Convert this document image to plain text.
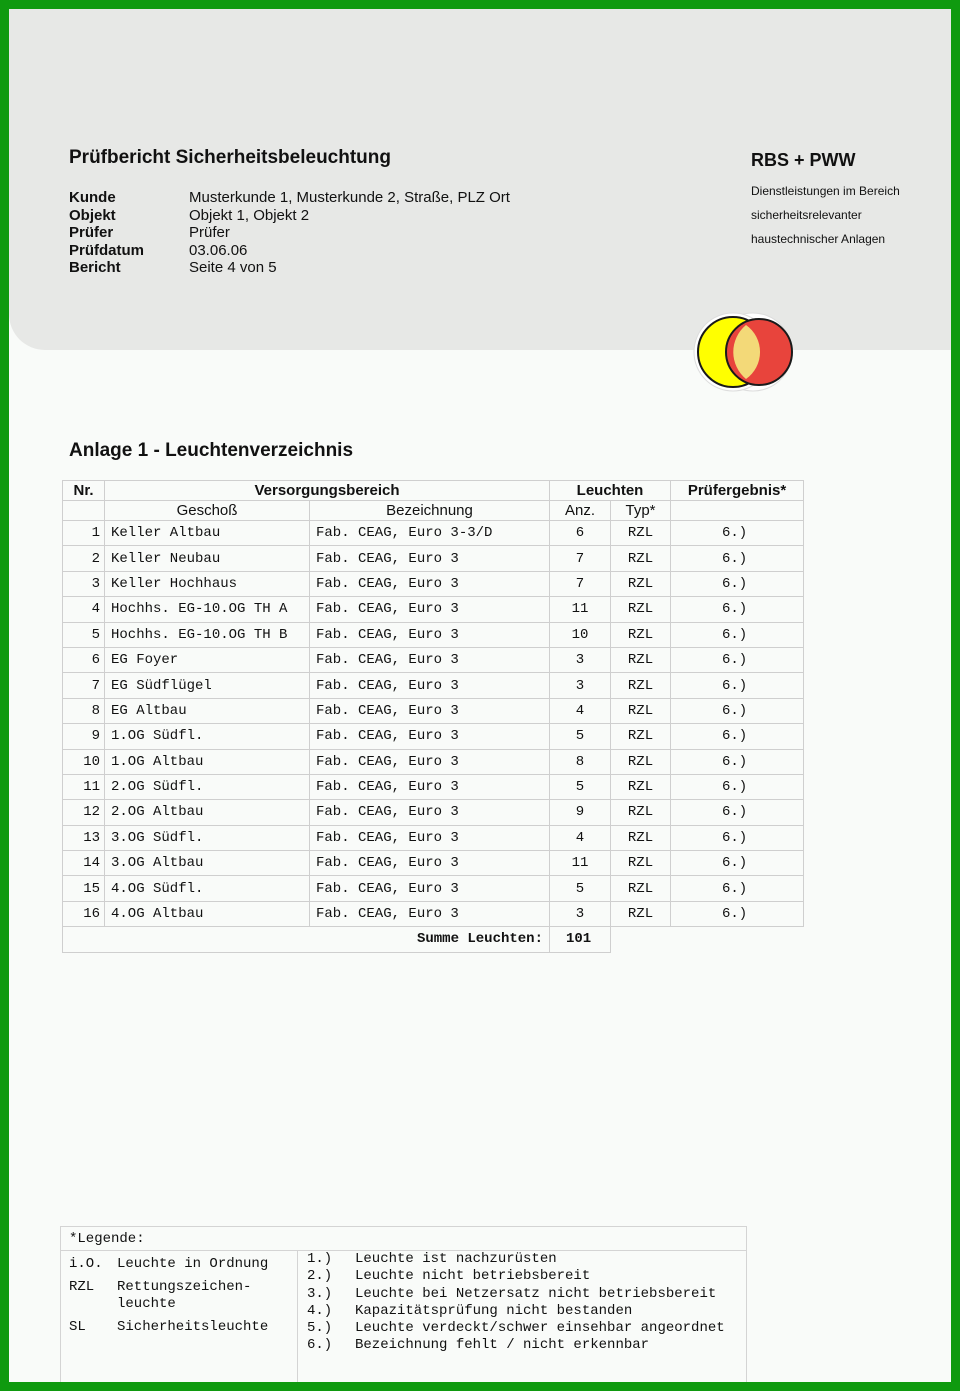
Prüfbericht Sicherheitsbeleuchtung
Kunde	Musterkunde 1, Musterkunde 2, Straße, PLZ Ort
Objekt	Objekt 1, Objekt 2
Prüfer	Prüfer
Prüfdatum	03.06.06
Bericht	Seite 4 von 5
RBS + PWW
Dienstleistungen im Bereich
sicherheitsrelevanter
haustechnischer Anlagen
Anlage 1 - Leuchtenverzeichnis
Nr.	Versorgungsbereich		Leuchten		Prüfergebnis*
	Geschoß	Bezeichnung	Anz.	Typ*	
1	Keller Altbau	Fab. CEAG, Euro 3-3/D	6	RZL	6.)
2	Keller Neubau	Fab. CEAG, Euro 3	7	RZL	6.)
3	Keller Hochhaus	Fab. CEAG, Euro 3	7	RZL	6.)
4	Hochhs. EG-10.OG TH A	Fab. CEAG, Euro 3	11	RZL	6.)
5	Hochhs. EG-10.OG TH B	Fab. CEAG, Euro 3	10	RZL	6.)
6	EG Foyer	Fab. CEAG, Euro 3	3	RZL	6.)
7	EG Südflügel	Fab. CEAG, Euro 3	3	RZL	6.)
8	EG Altbau	Fab. CEAG, Euro 3	4	RZL	6.)
9	1.OG Südfl.	Fab. CEAG, Euro 3	5	RZL	6.)
10	1.OG Altbau	Fab. CEAG, Euro 3	8	RZL	6.)
11	2.OG Südfl.	Fab. CEAG, Euro 3	5	RZL	6.)
12	2.OG Altbau	Fab. CEAG, Euro 3	9	RZL	6.)
13	3.OG Südfl.	Fab. CEAG, Euro 3	4	RZL	6.)
14	3.OG Altbau	Fab. CEAG, Euro 3	11	RZL	6.)
15	4.OG Südfl.	Fab. CEAG, Euro 3	5	RZL	6.)
16	4.OG Altbau	Fab. CEAG, Euro 3	3	RZL	6.)
Summe Leuchten:			101		
*Legende:
i.O.	Leuchte in Ordnung
RZL	Rettungszeichen- leuchte
SL	Sicherheitsleuchte
1.)	Leuchte ist nachzurüsten
2.)	Leuchte nicht betriebsbereit
3.)	Leuchte bei Netzersatz nicht betriebsbereit
4.)	Kapazitätsprüfung nicht bestanden
5.)	Leuchte verdeckt/schwer einsehbar angeordnet
6.)	Bezeichnung fehlt / nicht erkennbar
